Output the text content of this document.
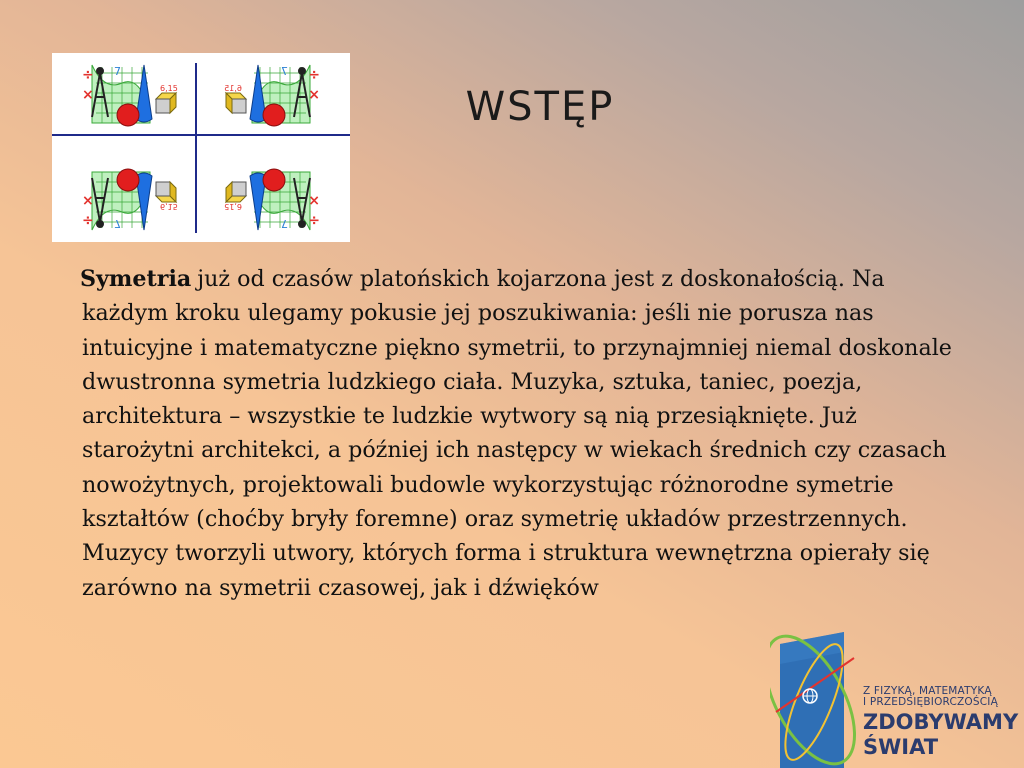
WSTĘP

Symetria już od czasów platońskich kojarzona jest z doskonałością. Na każdym kroku ulegamy pokusie jej poszukiwania: jeśli nie porusza nas intuicyjne i matematyczne piękno symetrii, to przynajmniej niemal doskonale dwustronna symetria ludzkiego ciała. Muzyka, sztuka, taniec, poezja, architektura – wszystkie te ludzkie wytwory są nią przesiąknięte. Już starożytni architekci, a później ich następcy w wiekach średnich czy czasach nowożytnych, projektowali budowle wykorzystując różnorodne symetrie kształtów (choćby bryły foremne) oraz symetrię układów przestrzennych. Muzycy tworzyli utwory, których forma i struktura wewnętrzna opierały się zarówno na symetrii czasowej, jak i dźwięków

Z FIZYKĄ, MATEMATYKĄ
I PRZEDSIĘBIORCZOŚCIĄ
ZDOBYWAMY
ŚWIAT
